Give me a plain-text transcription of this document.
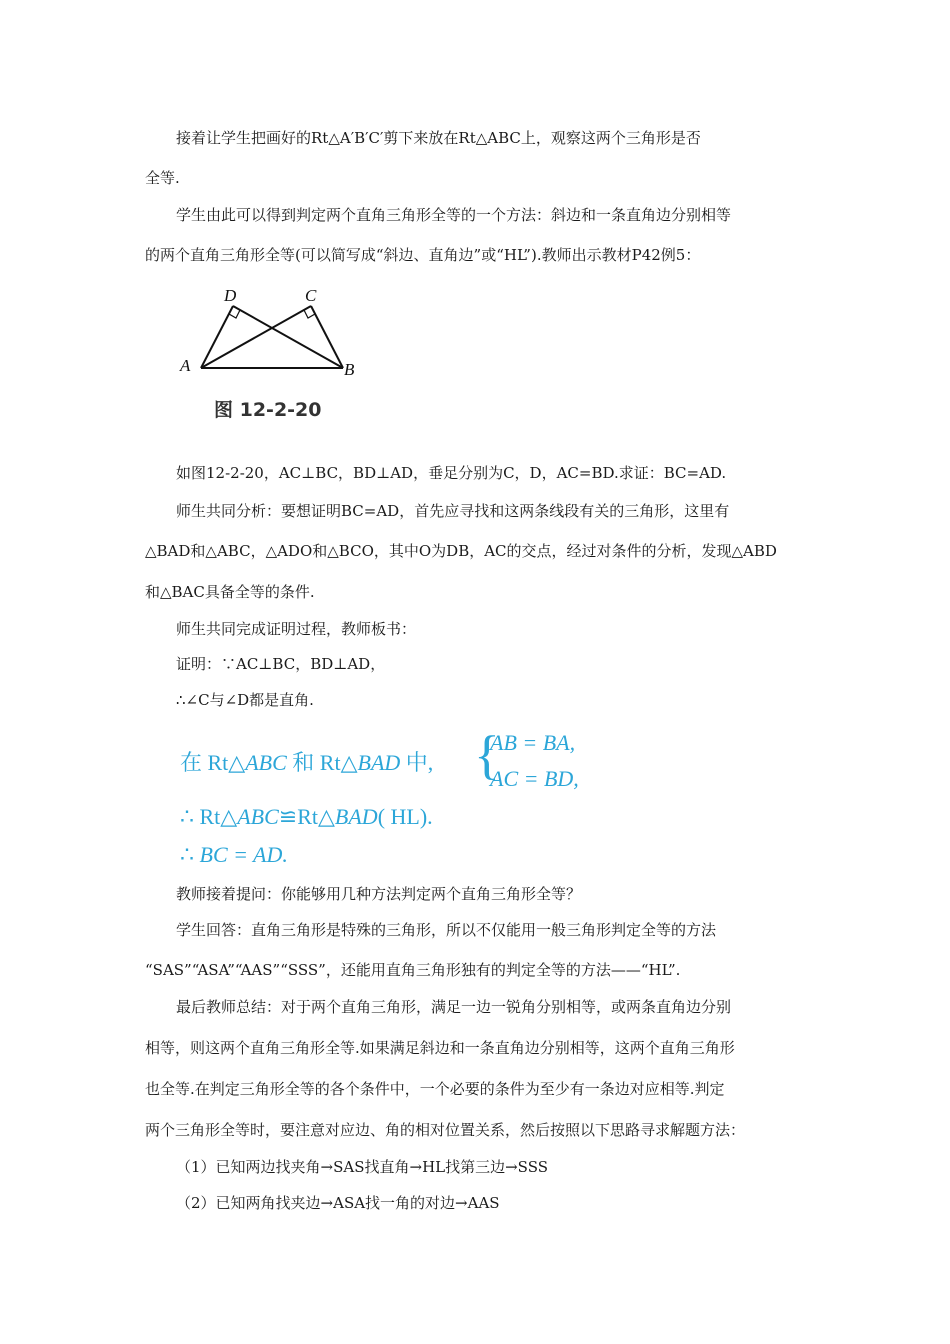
接着让学生把画好的Rt△A′B′C′剪下来放在Rt△ABC上，观察这两个三角形是否
全等.
学生由此可以得到判定两个直角三角形全等的一个方法：斜边和一条直角边分别相等
的两个直角三角形全等(可以简写成“斜边、直角边”或“HL”).教师出示教材P42例5：
D	C
A	B
图 12-2-20
如图12-2-20，AC⊥BC，BD⊥AD，垂足分别为C，D，AC=BD.求证：BC=AD.
师生共同分析：要想证明BC=AD，首先应寻找和这两条线段有关的三角形，这里有
△BAD和△ABC，△ADO和△BCO，其中O为DB，AC的交点，经过对条件的分析，发现△ABD
和△BAC具备全等的条件.
师生共同完成证明过程，教师板书：
证明：∵AC⊥BC，BD⊥AD，
∴∠C与∠D都是直角.
在 Rt△ABC 和 Rt△BAD 中, {
AB = BA,
AC = BD,
∴ Rt△ABC≌Rt△BAD( HL).
∴ BC = AD.
教师接着提问：你能够用几种方法判定两个直角三角形全等？
学生回答：直角三角形是特殊的三角形，所以不仅能用一般三角形判定全等的方法
“SAS”“ASA”“AAS”“SSS”，还能用直角三角形独有的判定全等的方法——“HL”.
最后教师总结：对于两个直角三角形，满足一边一锐角分别相等，或两条直角边分别
相等，则这两个直角三角形全等.如果满足斜边和一条直角边分别相等，这两个直角三角形
也全等.在判定三角形全等的各个条件中，一个必要的条件为至少有一条边对应相等.判定
两个三角形全等时，要注意对应边、角的相对位置关系，然后按照以下思路寻求解题方法：
（1）已知两边找夹角→SAS找直角→HL找第三边→SSS
（2）已知两角找夹边→ASA找一角的对边→AAS
